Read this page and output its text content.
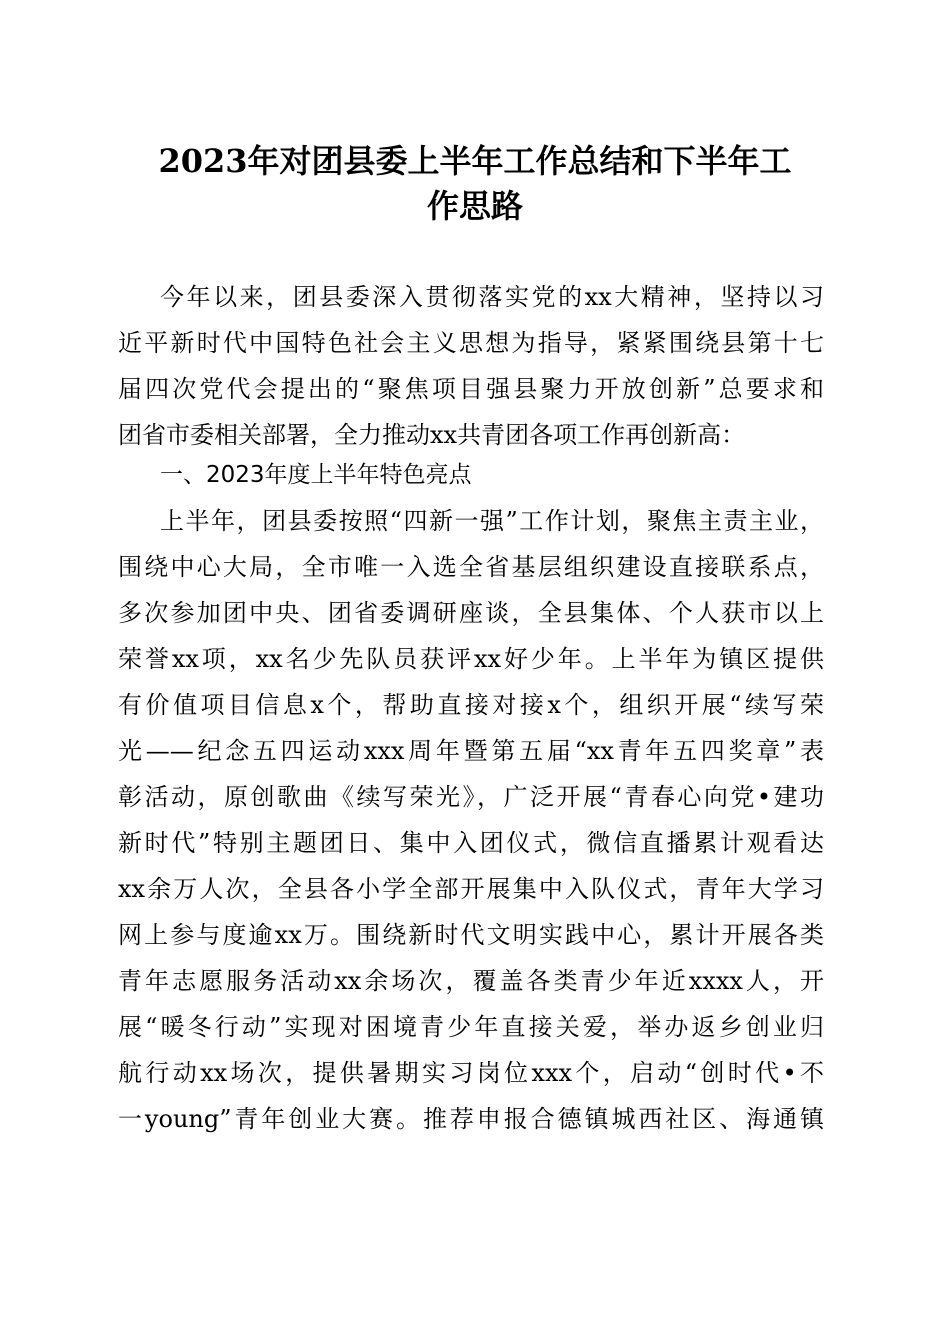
2023年对团县委上半年工作总结和下半年工
作思路
今年以来，团县委深入贯彻落实党的xx大精神，坚持以习
近平新时代中国特色社会主义思想为指导，紧紧围绕县第十七
届四次党代会提出的“聚焦项目强县聚力开放创新”总要求和
团省市委相关部署，全力推动xx共青团各项工作再创新高：
一、2023年度上半年特色亮点
上半年，团县委按照“四新一强”工作计划，聚焦主责主业，
围绕中心大局，全市唯一入选全省基层组织建设直接联系点，
多次参加团中央、团省委调研座谈，全县集体、个人获市以上
荣誉xx项，xx名少先队员获评xx好少年。上半年为镇区提供
有价值项目信息x个，帮助直接对接x个，组织开展“续写荣
光——纪念五四运动xxx周年暨第五届“xx青年五四奖章”表
彰活动，原创歌曲《续写荣光》，广泛开展“青春心向党•建功
新时代”特别主题团日、集中入团仪式，微信直播累计观看达
xx余万人次，全县各小学全部开展集中入队仪式，青年大学习
网上参与度逾xx万。围绕新时代文明实践中心，累计开展各类
青年志愿服务活动xx余场次，覆盖各类青少年近xxxx人，开
展“暖冬行动”实现对困境青少年直接关爱，举办返乡创业归
航行动xx场次，提供暑期实习岗位xxx个，启动“创时代•不
一young”青年创业大赛。推荐申报合德镇城西社区、海通镇
